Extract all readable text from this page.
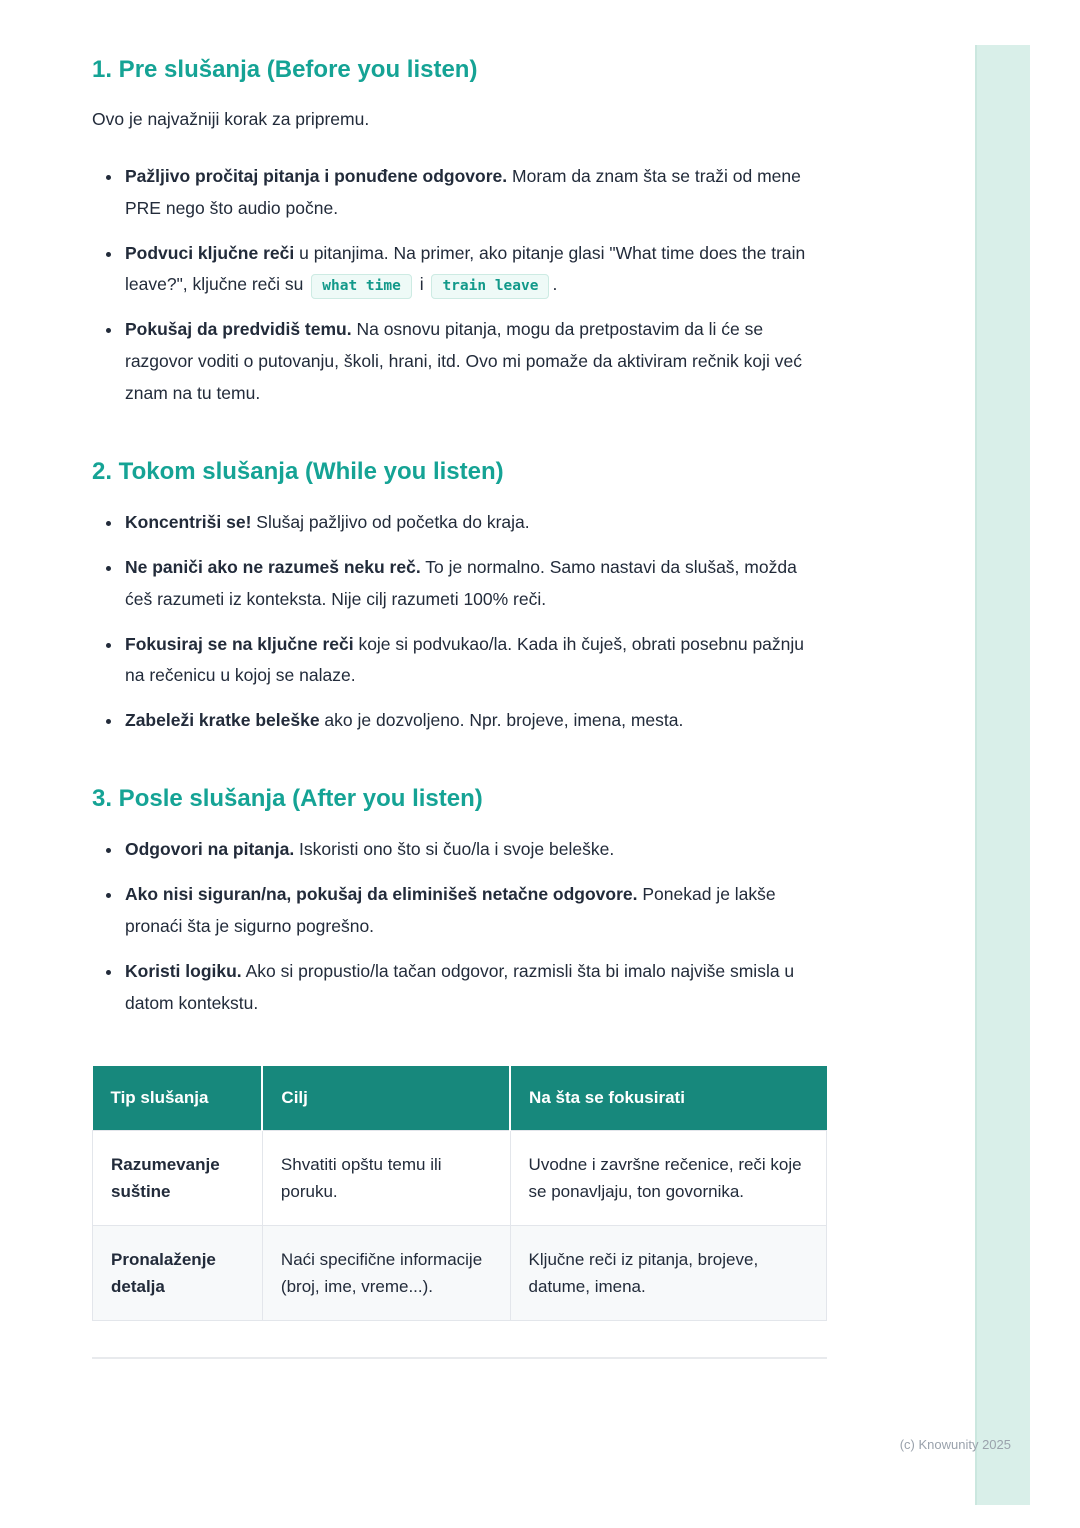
1. Pre slušanja (Before you listen)

Ovo je najvažniji korak za pripremu.

• Pažljivo pročitaj pitanja i ponuđene odgovore. Moram da znam šta se traži od mene PRE nego što audio počne.
• Podvuci ključne reči u pitanjima. Na primer, ako pitanje glasi "What time does the train leave?", ključne reči su what time i train leave .
• Pokušaj da predvidiš temu. Na osnovu pitanja, mogu da pretpostavim da li će se razgovor voditi o putovanju, školi, hrani, itd. Ovo mi pomaže da aktiviram rečnik koji već znam na tu temu.
2. Tokom slušanja (While you listen)
• Koncentriši se! Slušaj pažljivo od početka do kraja.
• Ne paniči ako ne razumeš neku reč. To je normalno. Samo nastavi da slušaš, možda ćeš razumeti iz konteksta. Nije cilj razumeti 100% reči.
• Fokusiraj se na ključne reči koje si podvukao/la. Kada ih čuješ, obrati posebnu pažnju na rečenicu u kojoj se nalaze.
• Zabeleži kratke beleške ako je dozvoljeno. Npr. brojeve, imena, mesta.
3. Posle slušanja (After you listen)
• Odgovori na pitanja. Iskoristi ono što si čuo/la i svoje beleške.
• Ako nisi siguran/na, pokušaj da eliminišeš netačne odgovore. Ponekad je lakše pronaći šta je sigurno pogrešno.
• Koristi logiku. Ako si propustio/la tačan odgovor, razmisli šta bi imalo najviše smisla u datom kontekstu.
Tip slušanja	Cilj	Na šta se fokusirati
Razumevanje suštine	Shvatiti opštu temu ili poruku.	Uvodne i završne rečenice, reči koje se ponavljaju, ton govornika.
Pronalaženje detalja	Naći specifične informacije (broj, ime, vreme...).	Ključne reči iz pitanja, brojeve, datume, imena.
(c) Knowunity 2025
